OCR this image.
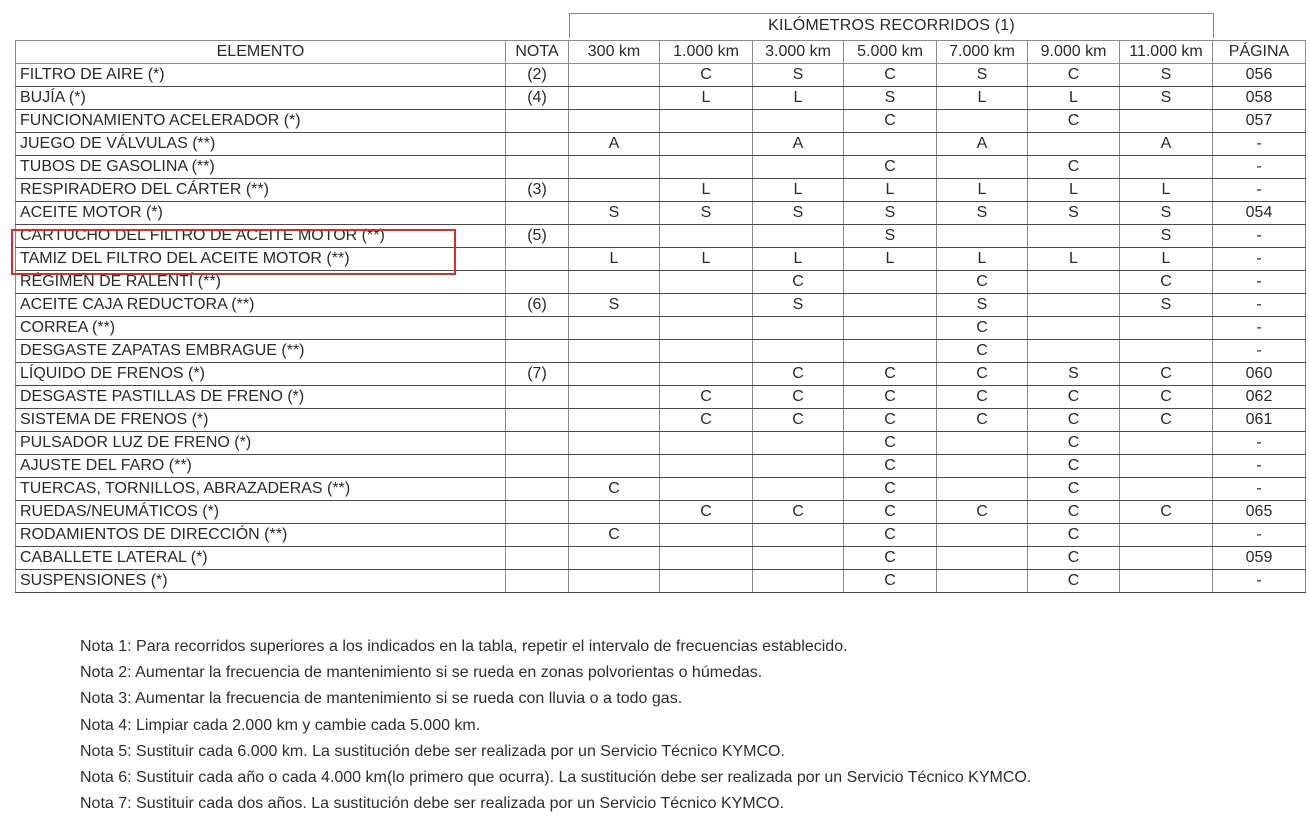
KILÓMETROS RECORRIDOS (1)
ELEMENTO	NOTA	300 km	1.000 km	3.000 km	5.000 km	7.000 km	9.000 km	11.000 km	PÁGINA
FILTRO DE AIRE (*)	(2)		C	S	C	S	C	S	056
BUJÍA (*)	(4)		L	L	S	L	L	S	058
FUNCIONAMIENTO ACELERADOR (*)					C		C		057
JUEGO DE VÁLVULAS (**)		A		A		A		A	-
TUBOS DE GASOLINA (**)					C		C		-
RESPIRADERO DEL CÁRTER (**)	(3)		L	L	L	L	L	L	-
ACEITE MOTOR (*)		S	S	S	S	S	S	S	054
CARTUCHO DEL FILTRO DE ACEITE MOTOR (**)	(5)				S			S	-
TAMIZ DEL FILTRO DEL ACEITE MOTOR (**)		L	L	L	L	L	L	L	-
RÉGIMEN DE RALENTÍ (**)				C		C		C	-
ACEITE CAJA REDUCTORA (**)	(6)	S		S		S		S	-
CORREA (**)						C			-
DESGASTE ZAPATAS EMBRAGUE (**)						C			-
LÍQUIDO DE FRENOS (*)	(7)			C	C	C	S	C	060
DESGASTE PASTILLAS DE FRENO (*)			C	C	C	C	C	C	062
SISTEMA DE FRENOS (*)			C	C	C	C	C	C	061
PULSADOR LUZ DE FRENO (*)					C		C		-
AJUSTE DEL FARO (**)					C		C		-
TUERCAS, TORNILLOS, ABRAZADERAS (**)		C			C		C		-
RUEDAS/NEUMÁTICOS (*)			C	C	C	C	C	C	065
RODAMIENTOS DE DIRECCIÓN (**)		C			C		C		-
CABALLETE LATERAL (*)					C		C		059
SUSPENSIONES (*)					C		C		-
Nota 1: Para recorridos superiores a los indicados en la tabla, repetir el intervalo de frecuencias establecido.
Nota 2: Aumentar la frecuencia de mantenimiento si se rueda en zonas polvorientas o húmedas.
Nota 3: Aumentar la frecuencia de mantenimiento si se rueda con lluvia o a todo gas.
Nota 4: Limpiar cada 2.000 km y cambie cada 5.000 km.
Nota 5: Sustituir cada 6.000 km. La sustitución debe ser realizada por un Servicio Técnico KYMCO.
Nota 6: Sustituir cada año o cada 4.000 km(lo primero que ocurra). La sustitución debe ser realizada por un Servicio Técnico KYMCO.
Nota 7: Sustituir cada dos años. La sustitución debe ser realizada por un Servicio Técnico KYMCO.
